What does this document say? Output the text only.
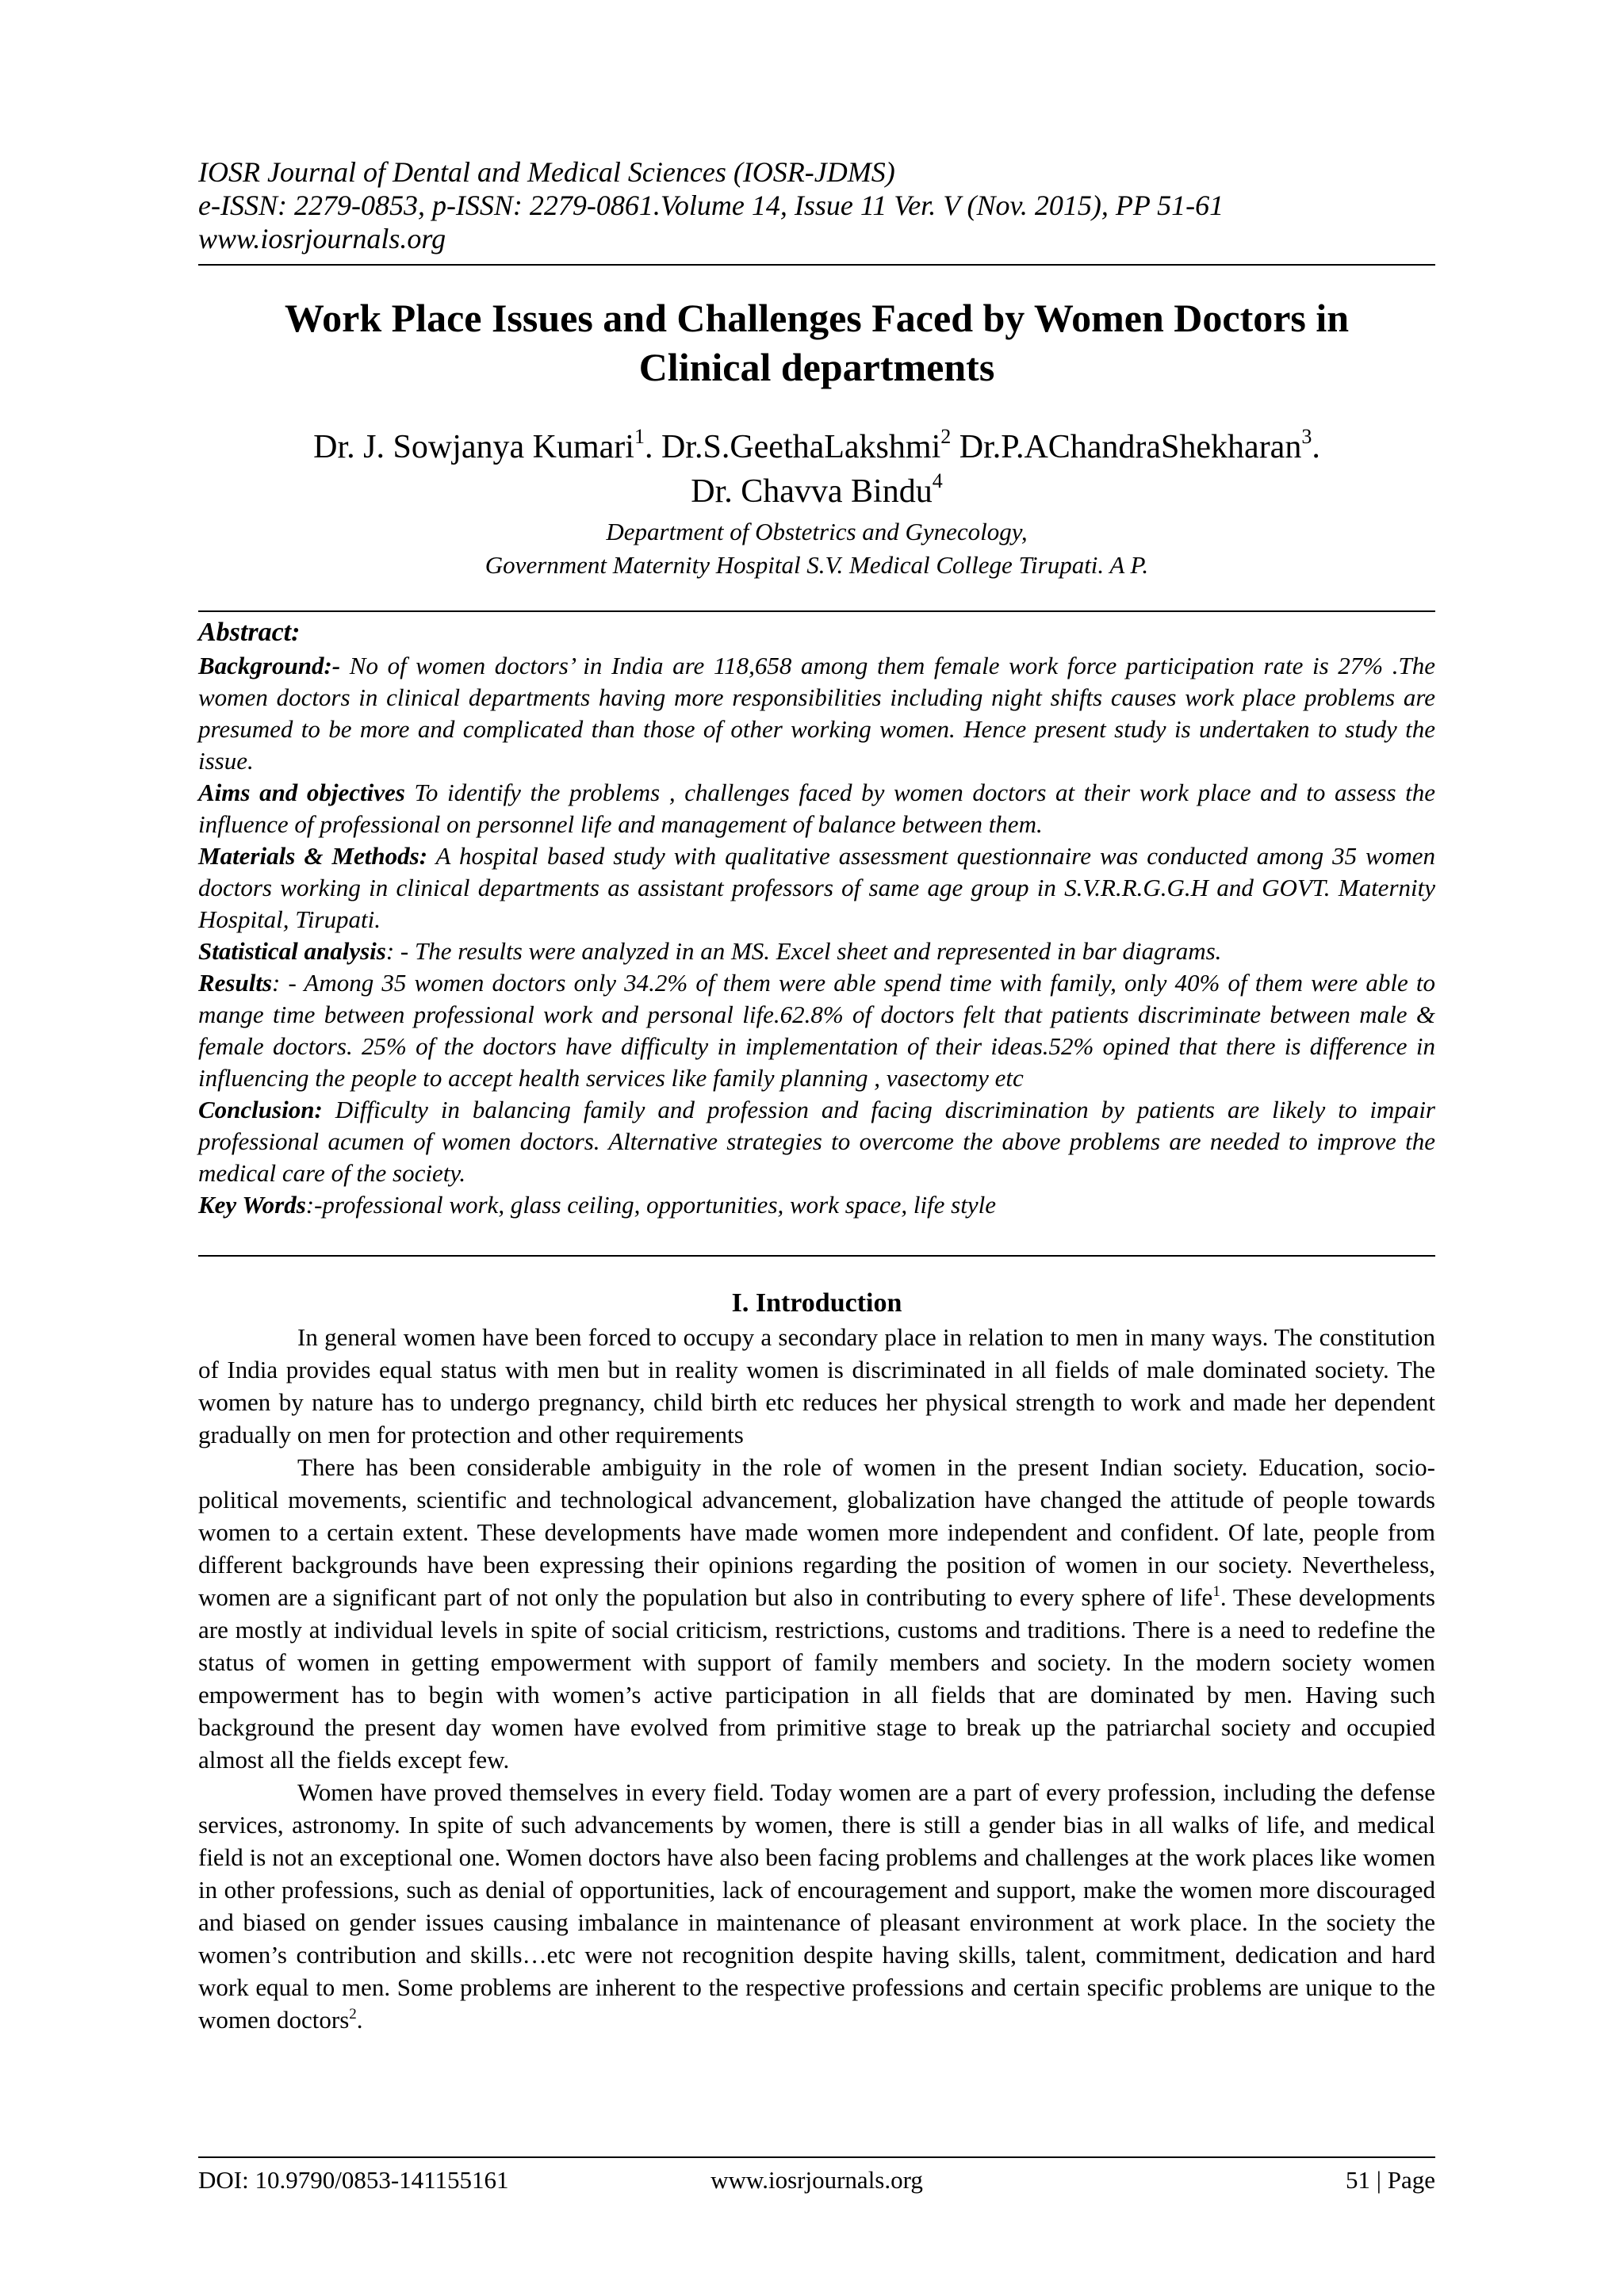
IOSR Journal of Dental and Medical Sciences (IOSR-JDMS)
e-ISSN: 2279-0853, p-ISSN: 2279-0861.Volume 14, Issue 11 Ver. V (Nov. 2015), PP 51-61
www.iosrjournals.org
Work Place Issues and Challenges Faced by Women Doctors in
Clinical departments
Dr. J. Sowjanya Kumari$^1$. Dr.S.GeethaLakshmi$^2$ Dr.P.AChandraShekharan$^3$.
Dr. Chavva Bindu$^4$
Department of Obstetrics and Gynecology,
Government Maternity Hospital S.V. Medical College Tirupati. A P.
Abstract:

Background:- No of women doctors’ in India are 118,658 among them female work force participation rate is 27% .The women doctors in clinical departments having more responsibilities including night shifts causes work place problems are presumed to be more and complicated than those of other working women. Hence present study is undertaken to study the issue.

Aims and objectives To identify the problems , challenges faced by women doctors at their work place and to assess the influence of professional on personnel life and management of balance between them.

Materials & Methods: A hospital based study with qualitative assessment questionnaire was conducted among 35 women doctors working in clinical departments as assistant professors of same age group in S.V.R.R.G.G.H and GOVT. Maternity Hospital, Tirupati.

Statistical analysis: - The results were analyzed in an MS. Excel sheet and represented in bar diagrams.

Results: - Among 35 women doctors only 34.2% of them were able spend time with family, only 40% of them were able to mange time between professional work and personal life.62.8% of doctors felt that patients discriminate between male & female doctors. 25% of the doctors have difficulty in implementation of their ideas.52% opined that there is difference in influencing the people to accept health services like family planning , vasectomy etc

Conclusion: Difficulty in balancing family and profession and facing discrimination by patients are likely to impair professional acumen of women doctors. Alternative strategies to overcome the above problems are needed to improve the medical care of the society.

Key Words:-professional work, glass ceiling, opportunities, work space, life style

I. Introduction

In general women have been forced to occupy a secondary place in relation to men in many ways. The constitution of India provides equal status with men but in reality women is discriminated in all fields of male dominated society. The women by nature has to undergo pregnancy, child birth etc reduces her physical strength to work and made her dependent gradually on men for protection and other requirements

There has been considerable ambiguity in the role of women in the present Indian society. Education, socio-political movements, scientific and technological advancement, globalization have changed the attitude of people towards women to a certain extent. These developments have made women more independent and confident. Of late, people from different backgrounds have been expressing their opinions regarding the position of women in our society. Nevertheless, women are a significant part of not only the population but also in contributing to every sphere of life$^1$. These developments are mostly at individual levels in spite of social criticism, restrictions, customs and traditions. There is a need to redefine the status of women in getting empowerment with support of family members and society. In the modern society women empowerment has to begin with women’s active participation in all fields that are dominated by men. Having such background the present day women have evolved from primitive stage to break up the patriarchal society and occupied almost all the fields except few.

Women have proved themselves in every field. Today women are a part of every profession, including the defense services, astronomy. In spite of such advancements by women, there is still a gender bias in all walks of life, and medical field is not an exceptional one. Women doctors have also been facing problems and challenges at the work places like women in other professions, such as denial of opportunities, lack of encouragement and support, make the women more discouraged and biased on gender issues causing imbalance in maintenance of pleasant environment at work place. In the society the women’s contribution and skills…etc were not recognition despite having skills, talent, commitment, dedication and hard work equal to men. Some problems are inherent to the respective professions and certain specific problems are unique to the women doctors$^2$.

www.iosrjournals.org
DOI: 10.9790/0853-141155161	51 | Page
